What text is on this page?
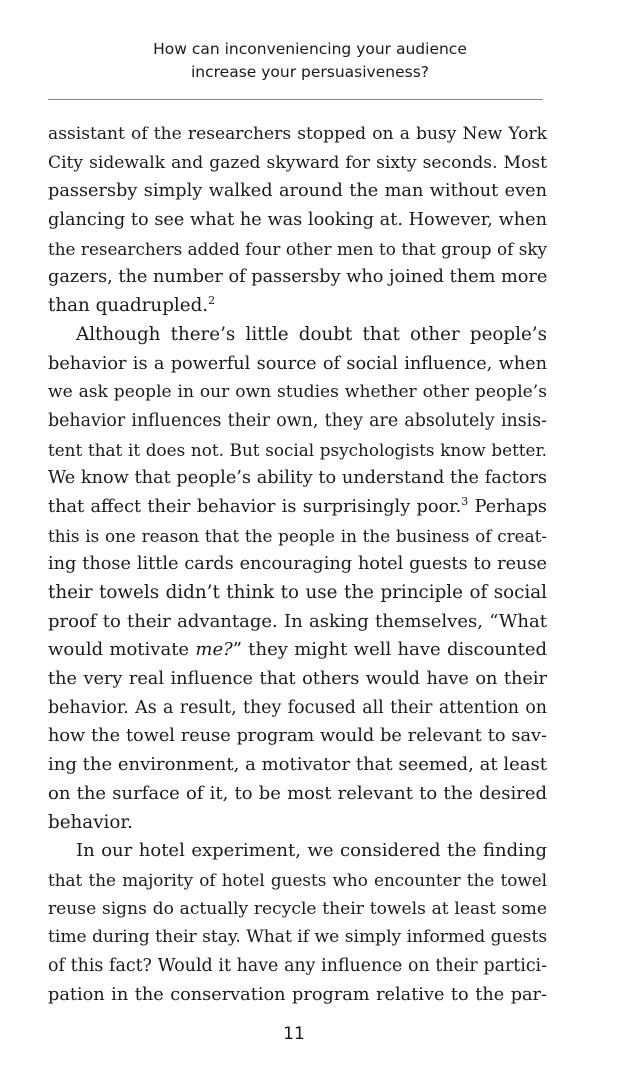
How can inconveniencing your audience
increase your persuasiveness?
assistant of the researchers stopped on a busy New York
City sidewalk and gazed skyward for sixty seconds. Most
passersby simply walked around the man without even
glancing to see what he was looking at. However, when
the researchers added four other men to that group of sky
gazers, the number of passersby who joined them more
than quadrupled.$^2$
Although there’s little doubt that other people’s
behavior is a powerful source of social influence, when
we ask people in our own studies whether other people’s
behavior influences their own, they are absolutely insis-
tent that it does not. But social psychologists know better.
We know that people’s ability to understand the factors
that affect their behavior is surprisingly poor.$^3$ Perhaps
this is one reason that the people in the business of creat-
ing those little cards encouraging hotel guests to reuse
their towels didn’t think to use the principle of social
proof to their advantage. In asking themselves, “What
would motivate me?” they might well have discounted
the very real influence that others would have on their
behavior. As a result, they focused all their attention on
how the towel reuse program would be relevant to sav-
ing the environment, a motivator that seemed, at least
on the surface of it, to be most relevant to the desired
behavior.
In our hotel experiment, we considered the finding
that the majority of hotel guests who encounter the towel
reuse signs do actually recycle their towels at least some
time during their stay. What if we simply informed guests
of this fact? Would it have any influence on their partici-
pation in the conservation program relative to the par-
11
